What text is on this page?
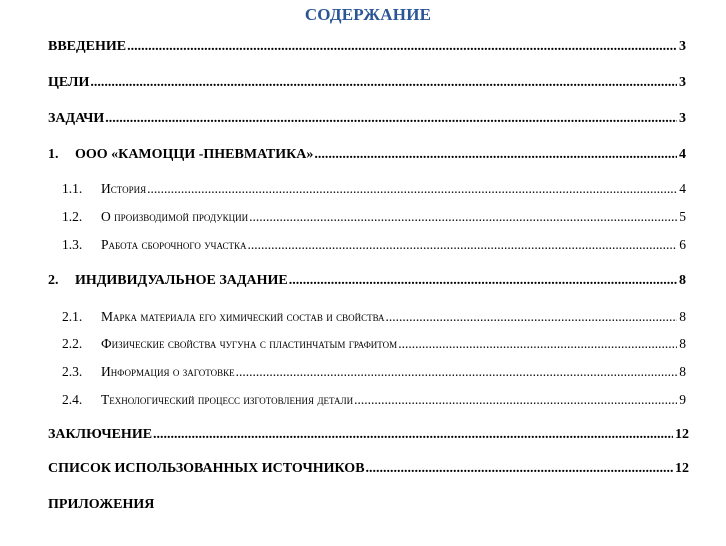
СОДЕРЖАНИЕ
ВВЕДЕНИЕ .....	3
ЦЕЛИ .....	3
ЗАДАЧИ .....	3
1. ООО «КАМОЦЦИ -ПНЕВМАТИКА» .....	4
1.1. История .....	4
1.2. О производимой продукции .....	5
1.3. Работа сборочного участка .....	6
2. ИНДИВИДУАЛЬНОЕ ЗАДАНИЕ .....	8
2.1. Марка материала его химический состав и свойства .....	8
2.2. Физические свойства чугуна с пластинчатым графитом .....	8
2.3. Информация о заготовке .....	8
2.4. Технологический процесс изготовления детали .....	9
ЗАКЛЮЧЕНИЕ .....	12
СПИСОК ИСПОЛЬЗОВАННЫХ ИСТОЧНИКОВ .....	12
ПРИЛОЖЕНИЯ
